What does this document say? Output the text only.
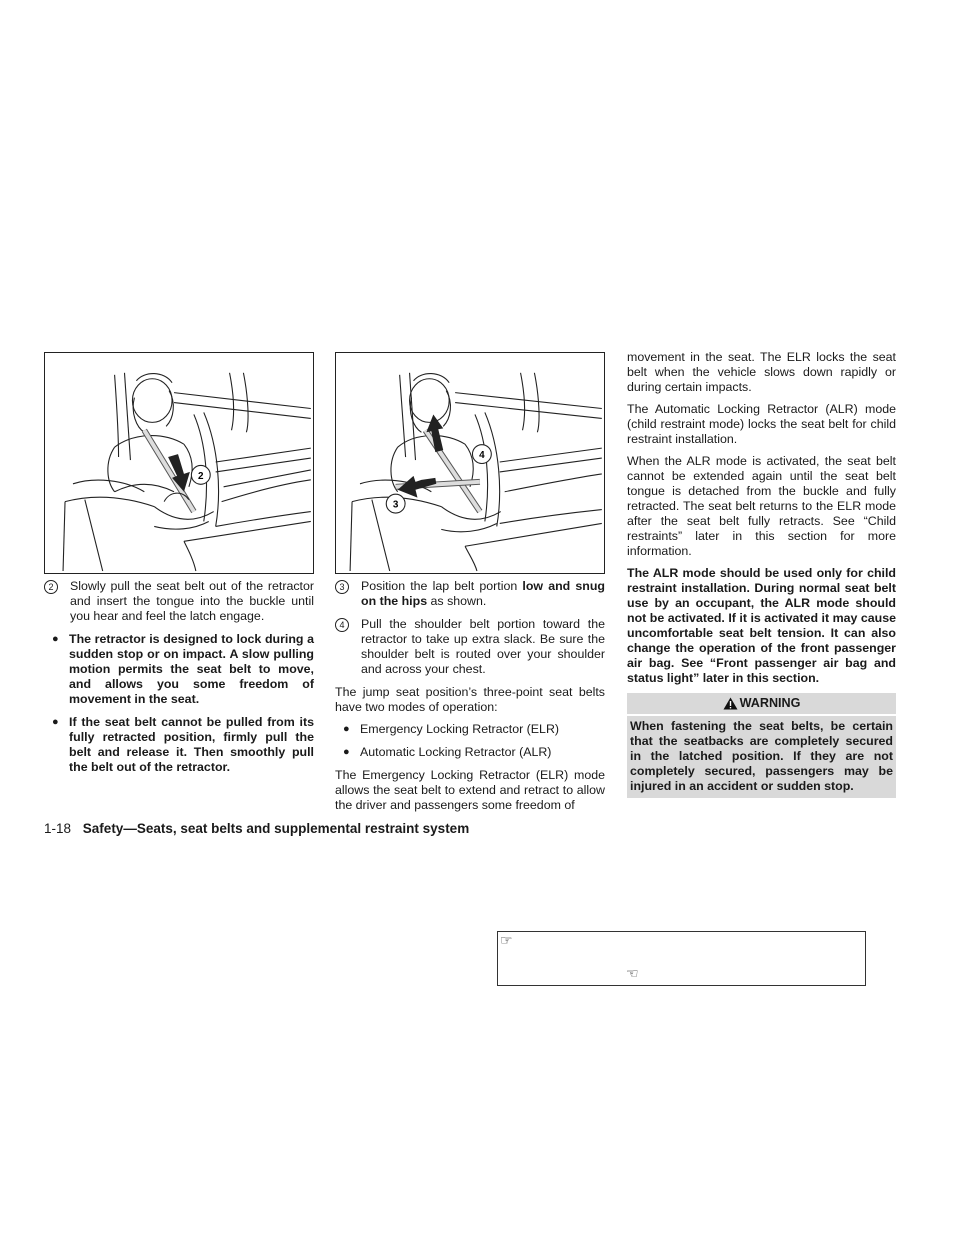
2
3
4
2	Slowly pull the seat belt out of the retractor and insert the tongue into the buckle until you hear and feel the latch engage.
● The retractor is designed to lock during a sudden stop or on impact. A slow pulling motion permits the seat belt to move, and allows you some freedom of movement in the seat.
● If the seat belt cannot be pulled from its fully retracted position, firmly pull the belt and release it. Then smoothly pull the belt out of the retractor.
3	Position the lap belt portion low and snug on the hips as shown.
4	Pull the shoulder belt portion toward the retractor to take up extra slack. Be sure the shoulder belt is routed over your shoulder and across your chest.

The jump seat position’s three-point seat belts have two modes of operation:

● Emergency Locking Retractor (ELR)
● Automatic Locking Retractor (ALR)

The Emergency Locking Retractor (ELR) mode allows the seat belt to extend and retract to allow the driver and passengers some freedom of

movement in the seat. The ELR locks the seat belt when the vehicle slows down rapidly or during certain impacts.

The Automatic Locking Retractor (ALR) mode (child restraint mode) locks the seat belt for child restraint installation.

When the ALR mode is activated, the seat belt cannot be extended again until the seat belt tongue is detached from the buckle and fully retracted. The seat belt returns to the ELR mode after the seat belt fully retracts. See “Child restraints” later in this section for more information.

The ALR mode should be used only for child restraint installation. During normal seat belt use by an occupant, the ALR mode should not be activated. If it is activated it may cause uncomfortable seat belt tension. It can also change the operation of the front passenger air bag. See “Front passenger air bag and status light” later in this section.

WARNING
When fastening the seat belts, be certain that the seatbacks are completely secured in the latched position. If they are not completely secured, passengers may be injured in an accident or sudden stop.
1-18 Safety—Seats, seat belts and supplemental restraint system
☞
☜
